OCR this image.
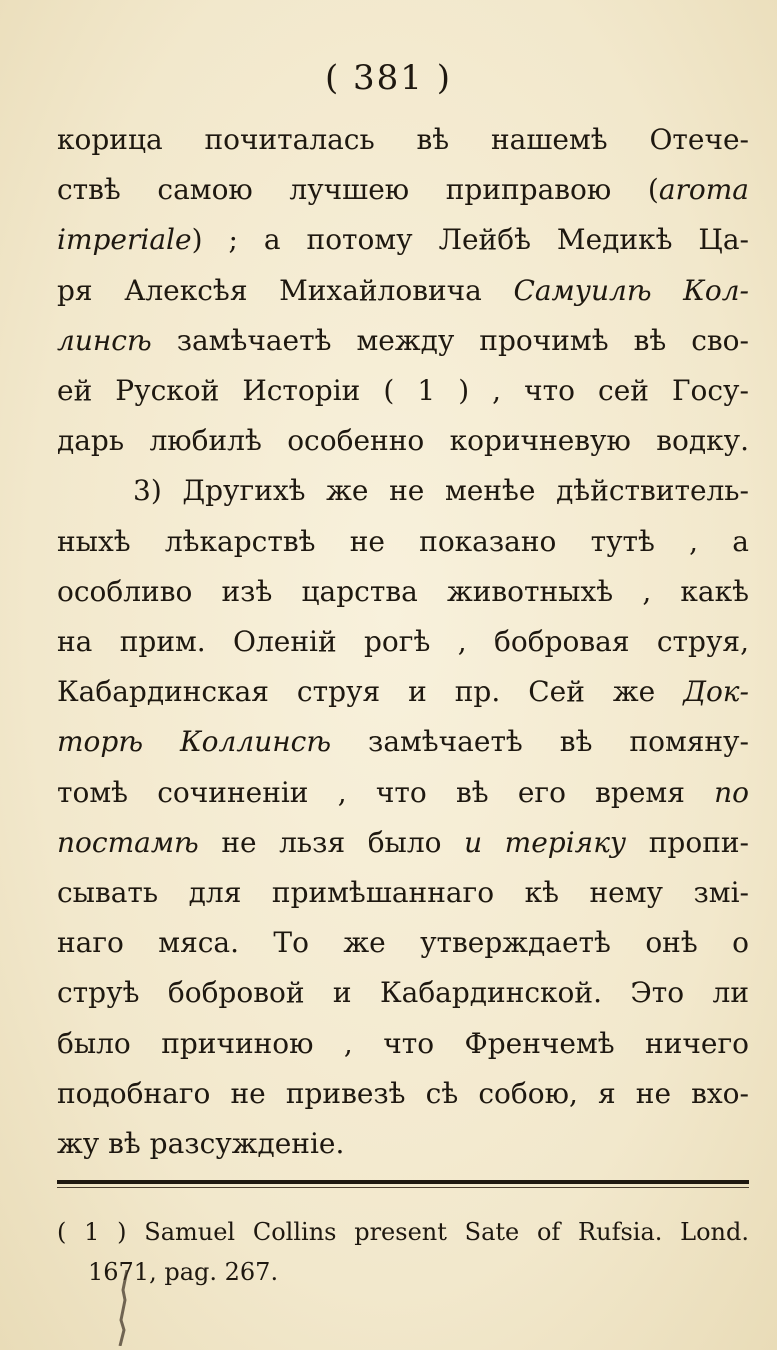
( 381 )
корица почиталась вѣ нашемѣ Отече-
ствѣ самою лучшею приправою (aroma
imperiale) ; а потому Лейбѣ Медикѣ Ца-
ря Алексѣя Михайловича Самуилѣ Кол-
линсѣ замѣчаетѣ между прочимѣ вѣ сво-
ей Руской Исторіи ( 1 ) , что сей Госу-
дарь любилѣ особенно коричневую водку.
3) Другихѣ же не менѣе дѣйствитель-
ныхѣ лѣкарствѣ не показано тутѣ , а
особливо изѣ царства животныхѣ , какѣ
на прим. Оленій рогѣ , бобровая струя,
Кабардинская струя и пр. Сей же Док-
торѣ Коллинсѣ замѣчаетѣ вѣ помяну-
томѣ сочиненіи , что вѣ его время по
постамѣ не льзя было и теріяку пропи-
сывать для примѣшаннаго кѣ нему змі-
наго мяса. То же утверждаетѣ онѣ о
струѣ бобровой и Кабардинской. Это ли
было причиною , что Френчемѣ ничего
подобнаго не привезѣ сѣ собою, я не вхо-
жу вѣ разсужденіе.
( 1 ) Samuel Collins present Sate of Rufsia. Lond.
1671, pag. 267.
